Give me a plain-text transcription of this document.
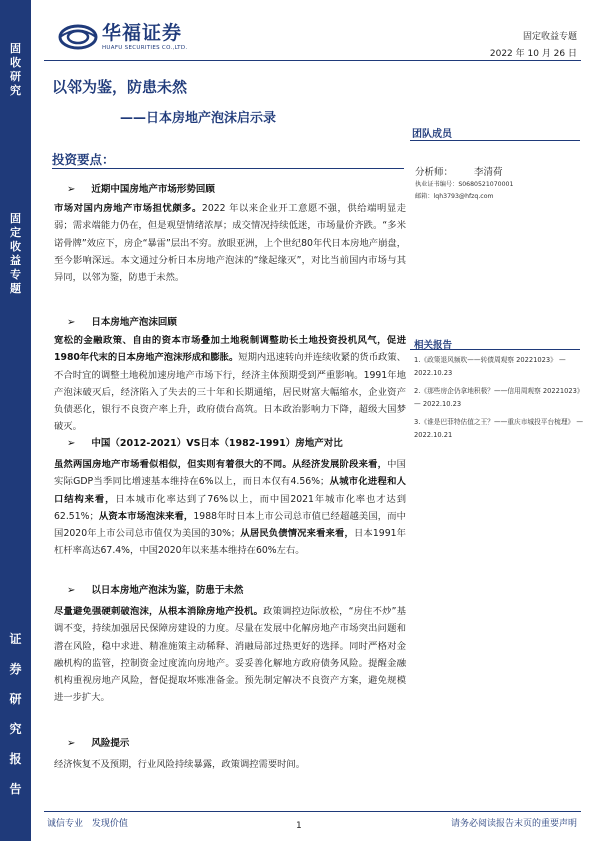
固
收
研
究
固
定
收
益
专
题
证
券
研
究
报
告
华福证券
HUAFU SECURITIES CO.,LTD.
固定收益专题
2022 年 10 月 26 日
以邻为鉴，防患未然
——日本房地产泡沫启示录
投资要点：
➢ 近期中国房地产市场形势回顾
市场对国内房地产市场担忧颇多。2022 年以来企业开工意愿不强，供给端明显走弱；需求端能力仍在，但是观望情绪浓厚；成交情况持续低迷，市场量价齐跌。“多米诺骨牌”效应下，房企“暴雷”层出不穷。放眼亚洲，上个世纪80年代日本房地产崩盘，至今影响深远。本文通过分析日本房地产泡沫的“缘起缘灭”，对比当前国内市场与其异同，以邻为鉴，防患于未然。
➢ 日本房地产泡沫回顾
宽松的金融政策、自由的资本市场叠加土地税制调整助长土地投资投机风气，促进1980年代末的日本房地产泡沫形成和膨胀。短期内迅速转向并连续收紧的货币政策、不合时宜的调整土地税加速房地产市场下行，经济主体预期受到严重影响。1991年地产泡沫破灭后，经济陷入了失去的三十年和长期通缩，居民财富大幅缩水，企业资产负债恶化，银行不良资产率上升，政府债台高筑。日本政治影响力下降，超级大国梦破灭。
➢ 中国（2012-2021）VS日本（1982-1991）房地产对比
虽然两国房地产市场看似相似，但实则有着很大的不同。从经济发展阶段来看，中国实际GDP当季同比增速基本维持在6%以上，而日本仅有4.56%；从城市化进程和人口结构来看，日本城市化率达到了76%以上，而中国2021年城市化率也才达到62.51%；从资本市场泡沫来看，1988年时日本上市公司总市值已经超越美国，而中国2020年上市公司总市值仅为美国的30%；从居民负债情况来看来看，日本1991年杠杆率高达67.4%，中国2020年以来基本维持在60%左右。
➢ 以日本房地产泡沫为鉴，防患于未然
尽量避免强硬刺破泡沫，从根本消除房地产投机。政策调控边际放松，“房住不炒”基调不变，持续加强居民保障房建设的力度。尽量在发展中化解房地产市场突出问题和潜在风险，稳中求进、精准施策主动稀释、消融局部过热更好的选择。同时严格对金融机构的监管，控制资金过度流向房地产。妥妥善化解地方政府债务风险。提醒金融机构重视房地产风险，督促提取坏账准备金。预先制定解决不良资产方案，避免规模进一步扩大。
➢ 风险提示
经济恢复不及预期，行业风险持续暴露，政策调控需要时间。
团队成员
分析师： 李清荷
执业证书编号：S0680521070001
邮箱：lqh3793@hfzq.com
相关报告
1.《政策退风频吹——转债周观察 20221023》 — 2022.10.23
2.《那些房企仍拿地积极？——信用周观察 20221023》 — 2022.10.23
3.《谁是巴菲特估值之王？——重庆市城投平台梳理》 — 2022.10.21
诚信专业 发现价值	1	请务必阅读报告末页的重要声明
